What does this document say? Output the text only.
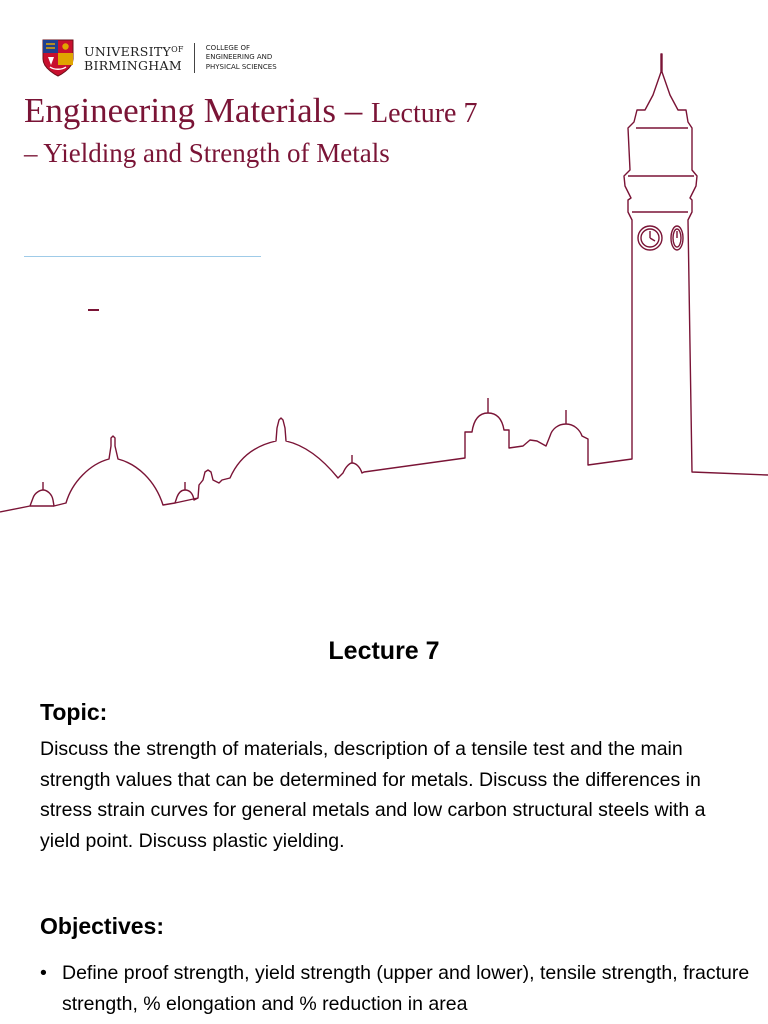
$UNIVERSITY^{OF}$
BIRMINGHAM
COLLEGE OF
ENGINEERING AND
PHYSICAL SCIENCES
Engineering Materials – Lecture 7
– Yielding and Strength of Metals
Lecture 7
Topic:

Discuss the strength of materials, description of a tensile test and the main strength values that can be determined for metals. Discuss the differences in stress strain curves for general metals and low carbon structural steels with a yield point. Discuss plastic yielding.

Objectives:
• Define proof strength, yield strength (upper and lower), tensile strength, fracture strength, % elongation and % reduction in area
